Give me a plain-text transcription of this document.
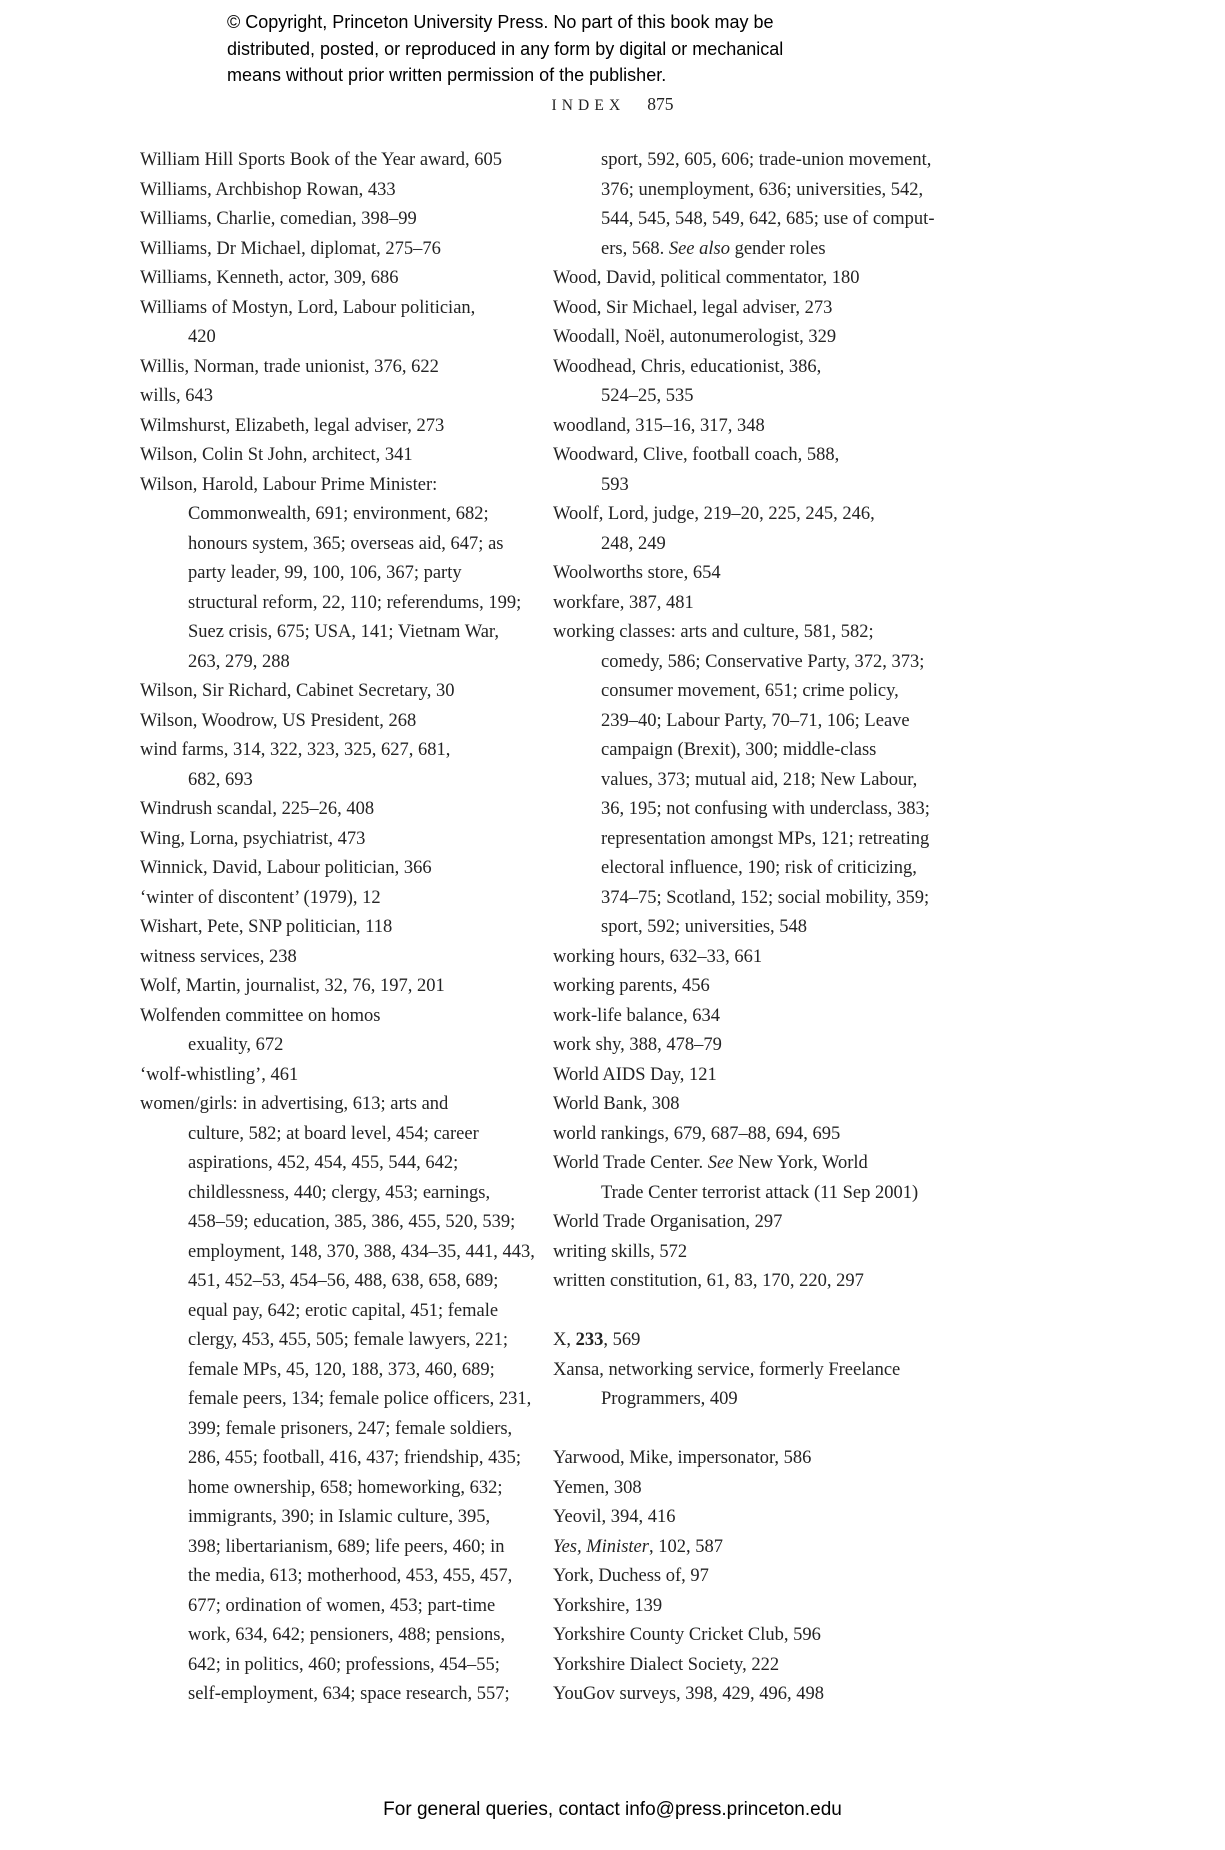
© Copyright, Princeton University Press. No part of this book may be
distributed, posted, or reproduced in any form by digital or mechanical
means without prior written permission of the publisher.
INDEX 875
William Hill Sports Book of the Year award, 605
Williams, Archbishop Rowan, 433
Williams, Charlie, comedian, 398–99
Williams, Dr Michael, diplomat, 275–76
Williams, Kenneth, actor, 309, 686
Williams of Mostyn, Lord, Labour politician,
420
Willis, Norman, trade unionist, 376, 622
wills, 643
Wilmshurst, Elizabeth, legal adviser, 273
Wilson, Colin St John, architect, 341
Wilson, Harold, Labour Prime Minister:
Commonwealth, 691; environment, 682;
honours system, 365; overseas aid, 647; as
party leader, 99, 100, 106, 367; party
structural reform, 22, 110; referendums, 199;
Suez crisis, 675; USA, 141; Vietnam War,
263, 279, 288
Wilson, Sir Richard, Cabinet Secretary, 30
Wilson, Woodrow, US President, 268
wind farms, 314, 322, 323, 325, 627, 681,
682, 693
Windrush scandal, 225–26, 408
Wing, Lorna, psychiatrist, 473
Winnick, David, Labour politician, 366
‘winter of discontent’ (1979), 12
Wishart, Pete, SNP politician, 118
witness services, 238
Wolf, Martin, journalist, 32, 76, 197, 201
Wolfenden committee on homos
exuality, 672
‘wolf-whistling’, 461
women/girls: in advertising, 613; arts and
culture, 582; at board level, 454; career
aspirations, 452, 454, 455, 544, 642;
childlessness, 440; clergy, 453; earnings,
458–59; education, 385, 386, 455, 520, 539;
employment, 148, 370, 388, 434–35, 441, 443,
451, 452–53, 454–56, 488, 638, 658, 689;
equal pay, 642; erotic capital, 451; female
clergy, 453, 455, 505; female lawyers, 221;
female MPs, 45, 120, 188, 373, 460, 689;
female peers, 134; female police officers, 231,
399; female prisoners, 247; female soldiers,
286, 455; football, 416, 437; friendship, 435;
home ownership, 658; homeworking, 632;
immigrants, 390; in Islamic culture, 395,
398; libertarianism, 689; life peers, 460; in
the media, 613; motherhood, 453, 455, 457,
677; ordination of women, 453; part-time
work, 634, 642; pensioners, 488; pensions,
642; in politics, 460; professions, 454–55;
self-employment, 634; space research, 557;
sport, 592, 605, 606; trade-union movement,
376; unemployment, 636; universities, 542,
544, 545, 548, 549, 642, 685; use of comput-
ers, 568. See also gender roles
Wood, David, political commentator, 180
Wood, Sir Michael, legal adviser, 273
Woodall, Noël, autonumerologist, 329
Woodhead, Chris, educationist, 386,
524–25, 535
woodland, 315–16, 317, 348
Woodward, Clive, football coach, 588,
593
Woolf, Lord, judge, 219–20, 225, 245, 246,
248, 249
Woolworths store, 654
workfare, 387, 481
working classes: arts and culture, 581, 582;
comedy, 586; Conservative Party, 372, 373;
consumer movement, 651; crime policy,
239–40; Labour Party, 70–71, 106; Leave
campaign (Brexit), 300; middle-class
values, 373; mutual aid, 218; New Labour,
36, 195; not confusing with underclass, 383;
representation amongst MPs, 121; retreating
electoral influence, 190; risk of criticizing,
374–75; Scotland, 152; social mobility, 359;
sport, 592; universities, 548
working hours, 632–33, 661
working parents, 456
work-life balance, 634
work shy, 388, 478–79
World AIDS Day, 121
World Bank, 308
world rankings, 679, 687–88, 694, 695
World Trade Center. See New York, World
Trade Center terrorist attack (11 Sep 2001)
World Trade Organisation, 297
writing skills, 572
written constitution, 61, 83, 170, 220, 297
X, 233, 569
Xansa, networking service, formerly Freelance
Programmers, 409
Yarwood, Mike, impersonator, 586
Yemen, 308
Yeovil, 394, 416
Yes, Minister, 102, 587
York, Duchess of, 97
Yorkshire, 139
Yorkshire County Cricket Club, 596
Yorkshire Dialect Society, 222
YouGov surveys, 398, 429, 496, 498
For general queries, contact info@press.princeton.edu
